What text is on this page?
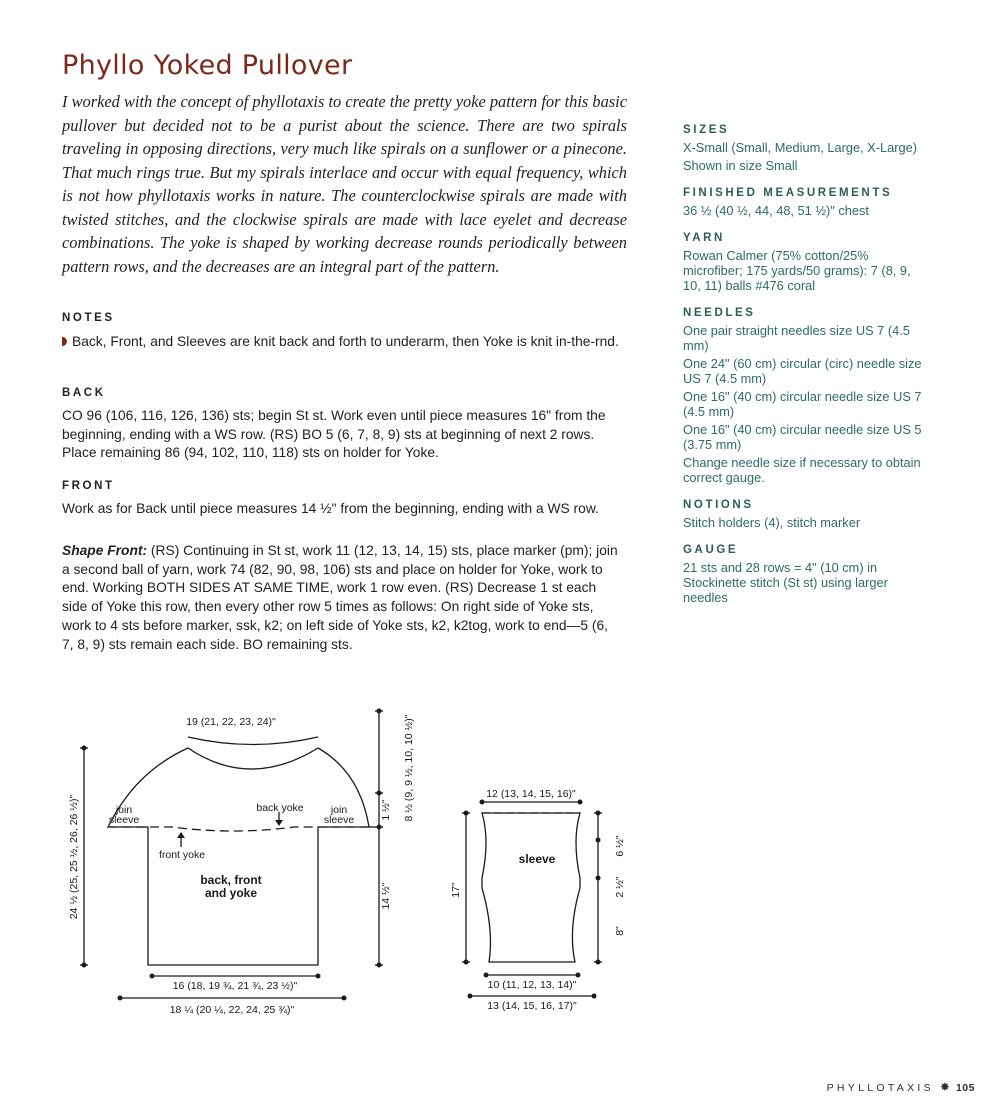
Phyllo Yoked Pullover
I worked with the concept of phyllotaxis to create the pretty yoke pattern for this basic pullover but decided not to be a purist about the science. There are two spirals traveling in opposing directions, very much like spirals on a sunflower or a pinecone. That much rings true. But my spirals interlace and occur with equal frequency, which is not how phyllotaxis works in nature. The counterclockwise spirals are made with twisted stitches, and the clockwise spirals are made with lace eyelet and decrease combinations. The yoke is shaped by working decrease rounds periodically between pattern rows, and the decreases are an integral part of the pattern.
NOTES
Back, Front, and Sleeves are knit back and forth to underarm, then Yoke is knit in-the-rnd.
BACK
CO 96 (106, 116, 126, 136) sts; begin St st. Work even until piece measures 16" from the beginning, ending with a WS row. (RS) BO 5 (6, 7, 8, 9) sts at beginning of next 2 rows. Place remaining 86 (94, 102, 110, 118) sts on holder for Yoke.
FRONT
Work as for Back until piece measures 14 ½" from the beginning, ending with a WS row.
Shape Front: (RS) Continuing in St st, work 11 (12, 13, 14, 15) sts, place marker (pm); join a second ball of yarn, work 74 (82, 90, 98, 106) sts and place on holder for Yoke, work to end. Working BOTH SIDES AT SAME TIME, work 1 row even. (RS) Decrease 1 st each side of Yoke this row, then every other row 5 times as follows: On right side of Yoke sts, work to 4 sts before marker, ssk, k2; on left side of Yoke sts, k2, k2tog, work to end—5 (6, 7, 8, 9) sts remain each side. BO remaining sts.
SIZES
X-Small (Small, Medium, Large, X-Large)
Shown in size Small
FINISHED MEASUREMENTS
36 ½ (40 ½, 44, 48, 51 ½)" chest
YARN
Rowan Calmer (75% cotton/25% microfiber; 175 yards/50 grams): 7 (8, 9, 10, 11) balls #476 coral
NEEDLES
One pair straight needles size US 7 (4.5 mm)
One 24" (60 cm) circular (circ) needle size US 7 (4.5 mm)
One 16" (40 cm) circular needle size US 7 (4.5 mm)
One 16" (40 cm) circular needle size US 5 (3.75 mm)
Change needle size if necessary to obtain correct gauge.
NOTIONS
Stitch holders (4), stitch marker
GAUGE
21 sts and 28 rows = 4" (10 cm) in Stockinette stitch (St st) using larger needles
19 (21, 22, 23, 24)"
join
sleeve
join
sleeve
back yoke
front yoke
back, front
and yoke
24 ½ (25, 25 ½, 26, 26 ½)"
8 ½ (9, 9 ½, 10, 10 ½)"
1 ½"
14 ½"
16 (18, 19 ¾, 21 ¾, 23 ½)"
18 ¼ (20 ¼, 22, 24, 25 ¾)"
12 (13, 14, 15, 16)"
sleeve
17"
6 ½"
2 ½"
8"
10 (11, 12, 13, 14)"
13 (14, 15, 16, 17)"
PHYLLOTAXIS ✸ 105
